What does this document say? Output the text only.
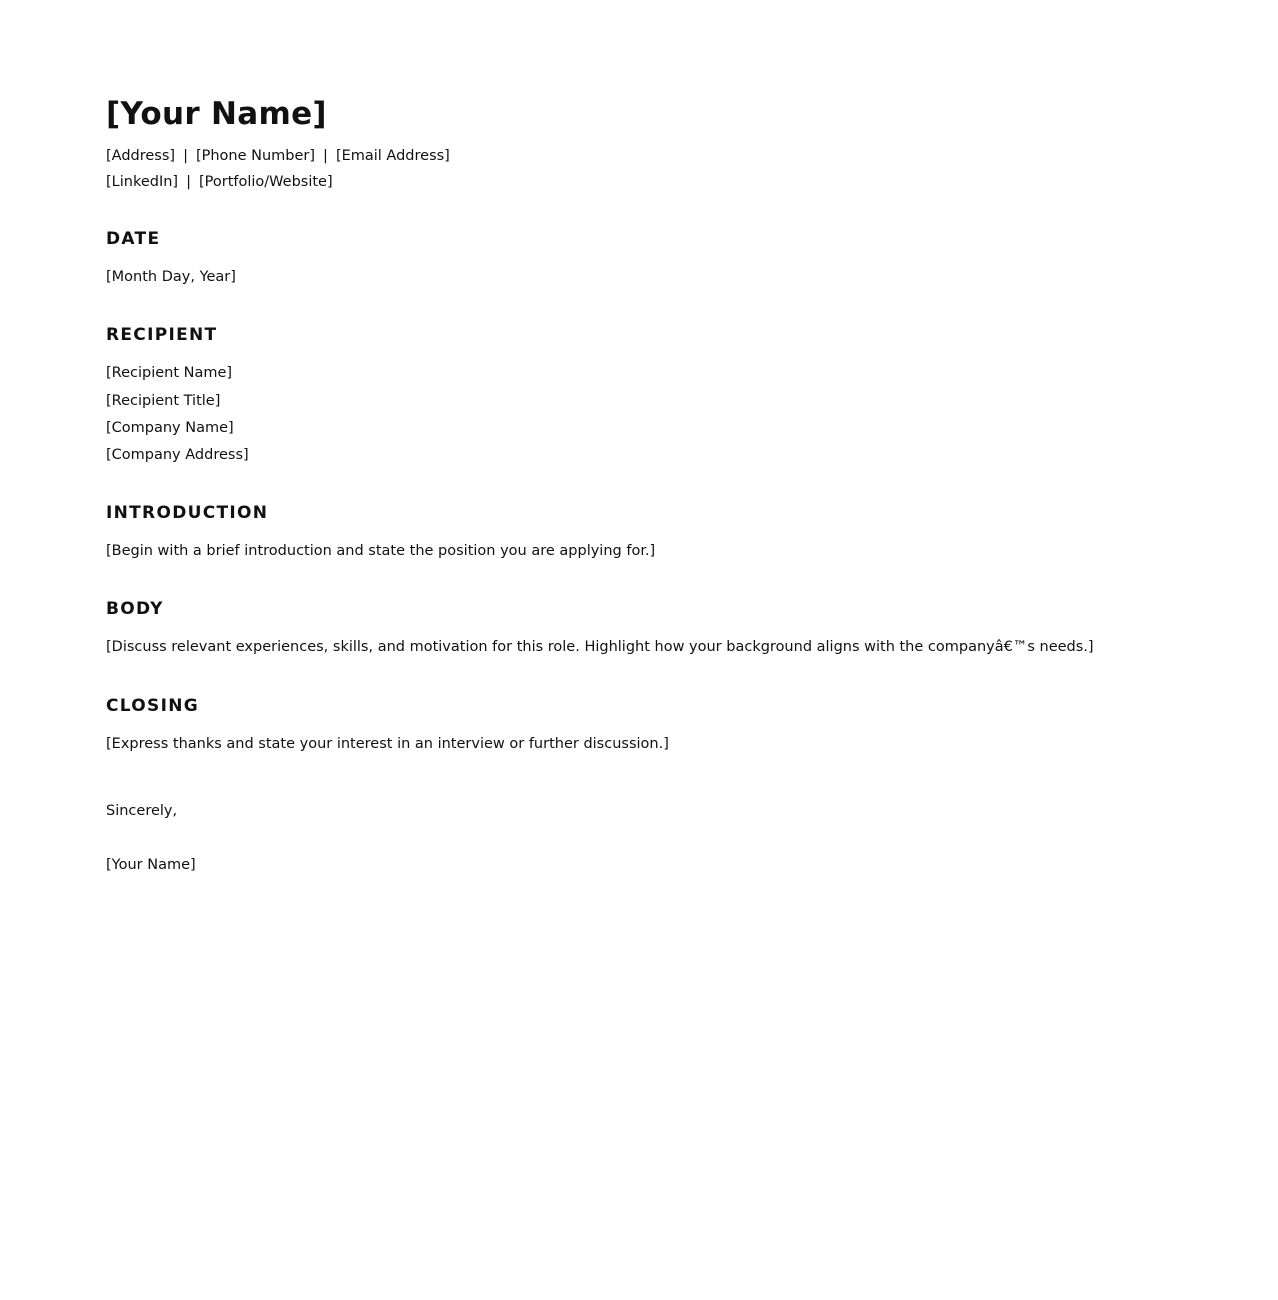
[Your Name]
[Address] | [Phone Number] | [Email Address]
[LinkedIn] | [Portfolio/Website]
DATE
[Month Day, Year]
RECIPIENT
[Recipient Name]
[Recipient Title]
[Company Name]
[Company Address]
INTRODUCTION
[Begin with a brief introduction and state the position you are applying for.]
BODY
[Discuss relevant experiences, skills, and motivation for this role. Highlight how your background aligns with the companyâ€™s needs.]
CLOSING
[Express thanks and state your interest in an interview or further discussion.]
Sincerely,
[Your Name]
